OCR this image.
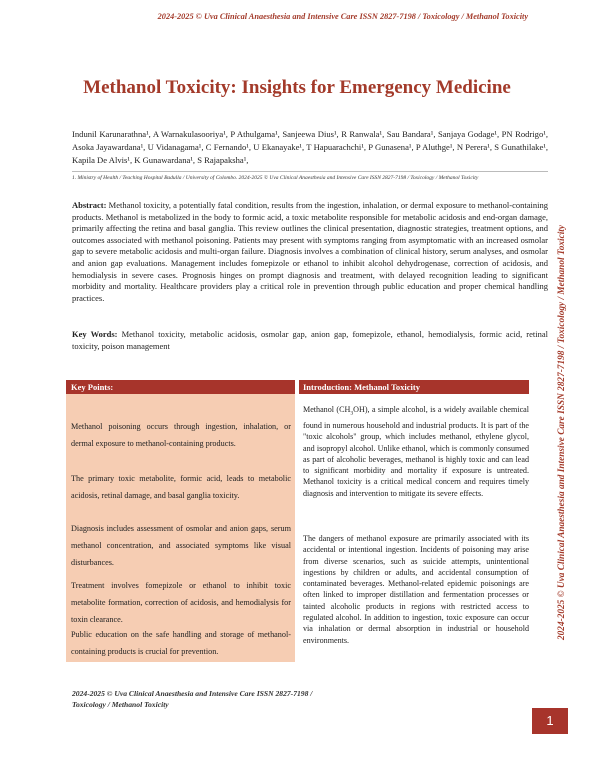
2024-2025 © Uva Clinical Anaesthesia and Intensive Care ISSN 2827-7198 / Toxicology / Methanol Toxicity
2024-2025 © Uva Clinical Anaesthesia and Intensive Care ISSN 2827-7198 / Toxicology / Methanol Toxicity
Methanol Toxicity: Insights for Emergency Medicine
Indunil Karunarathna¹, A Warnakulasooriya¹, P Athulgama¹, Sanjeewa Dius¹, R Ranwala¹, Sau Bandara¹, Sanjaya Godage¹, PN Rodrigo¹, Asoka Jayawardana¹, U Vidanagama¹, C Fernando¹, U Ekanayake¹, T Hapuarachchi¹, P Gunasena¹, P Aluthge¹, N Perera¹, S Gunathilake¹, Kapila De Alvis¹, K Gunawardana¹, S Rajapaksha¹,
1. Ministry of Health / Teaching Hospital Badulla / University of Colombo. 2024-2025 © Uva Clinical Anaesthesia and Intensive Care ISSN 2827-7198 / Toxicology / Methanol Toxicity
Abstract: Methanol toxicity, a potentially fatal condition, results from the ingestion, inhalation, or dermal exposure to methanol-containing products. Methanol is metabolized in the body to formic acid, a toxic metabolite responsible for metabolic acidosis and end-organ damage, primarily affecting the retina and basal ganglia. This review outlines the clinical presentation, diagnostic strategies, treatment options, and outcomes associated with methanol poisoning. Patients may present with symptoms ranging from asymptomatic with an increased osmolar gap to severe metabolic acidosis and multi-organ failure. Diagnosis involves a combination of clinical history, serum analyses, and osmolar and anion gap evaluations. Management includes fomepizole or ethanol to inhibit alcohol dehydrogenase, correction of acidosis, and hemodialysis in severe cases. Prognosis hinges on prompt diagnosis and treatment, with delayed recognition leading to significant morbidity and mortality. Healthcare providers play a critical role in prevention through public education and proper chemical handling practices.
Key Words: Methanol toxicity, metabolic acidosis, osmolar gap, anion gap, fomepizole, ethanol, hemodialysis, formic acid, retinal toxicity, poison management
Key Points:
Methanol poisoning occurs through ingestion, inhalation, or dermal exposure to methanol-containing products.
The primary toxic metabolite, formic acid, leads to metabolic acidosis, retinal damage, and basal ganglia toxicity.
Diagnosis includes assessment of osmolar and anion gaps, serum methanol concentration, and associated symptoms like visual disturbances.
Treatment involves fomepizole or ethanol to inhibit toxic metabolite formation, correction of acidosis, and hemodialysis for toxin clearance.
Public education on the safe handling and storage of methanol-containing products is crucial for prevention.
Introduction: Methanol Toxicity
Methanol $(CH_3OH)$, a simple alcohol, is a widely available chemical found in numerous household and industrial products. It is part of the "toxic alcohols" group, which includes methanol, ethylene glycol, and isopropyl alcohol. Unlike ethanol, which is commonly consumed as part of alcoholic beverages, methanol is highly toxic and can lead to significant morbidity and mortality if exposure is untreated. Methanol toxicity is a critical medical concern and requires timely diagnosis and intervention to mitigate its severe effects.
The dangers of methanol exposure are primarily associated with its accidental or intentional ingestion. Incidents of poisoning may arise from diverse scenarios, such as suicide attempts, unintentional ingestions by children or adults, and accidental consumption of contaminated beverages. Methanol-related epidemic poisonings are often linked to improper distillation and fermentation processes or tainted alcoholic products in regions with restricted access to regulated alcohol. In addition to ingestion, toxic exposure can occur via inhalation or dermal absorption in industrial or household environments.
2024-2025 © Uva Clinical Anaesthesia and Intensive Care ISSN 2827-7198 /
Toxicology / Methanol Toxicity
1
